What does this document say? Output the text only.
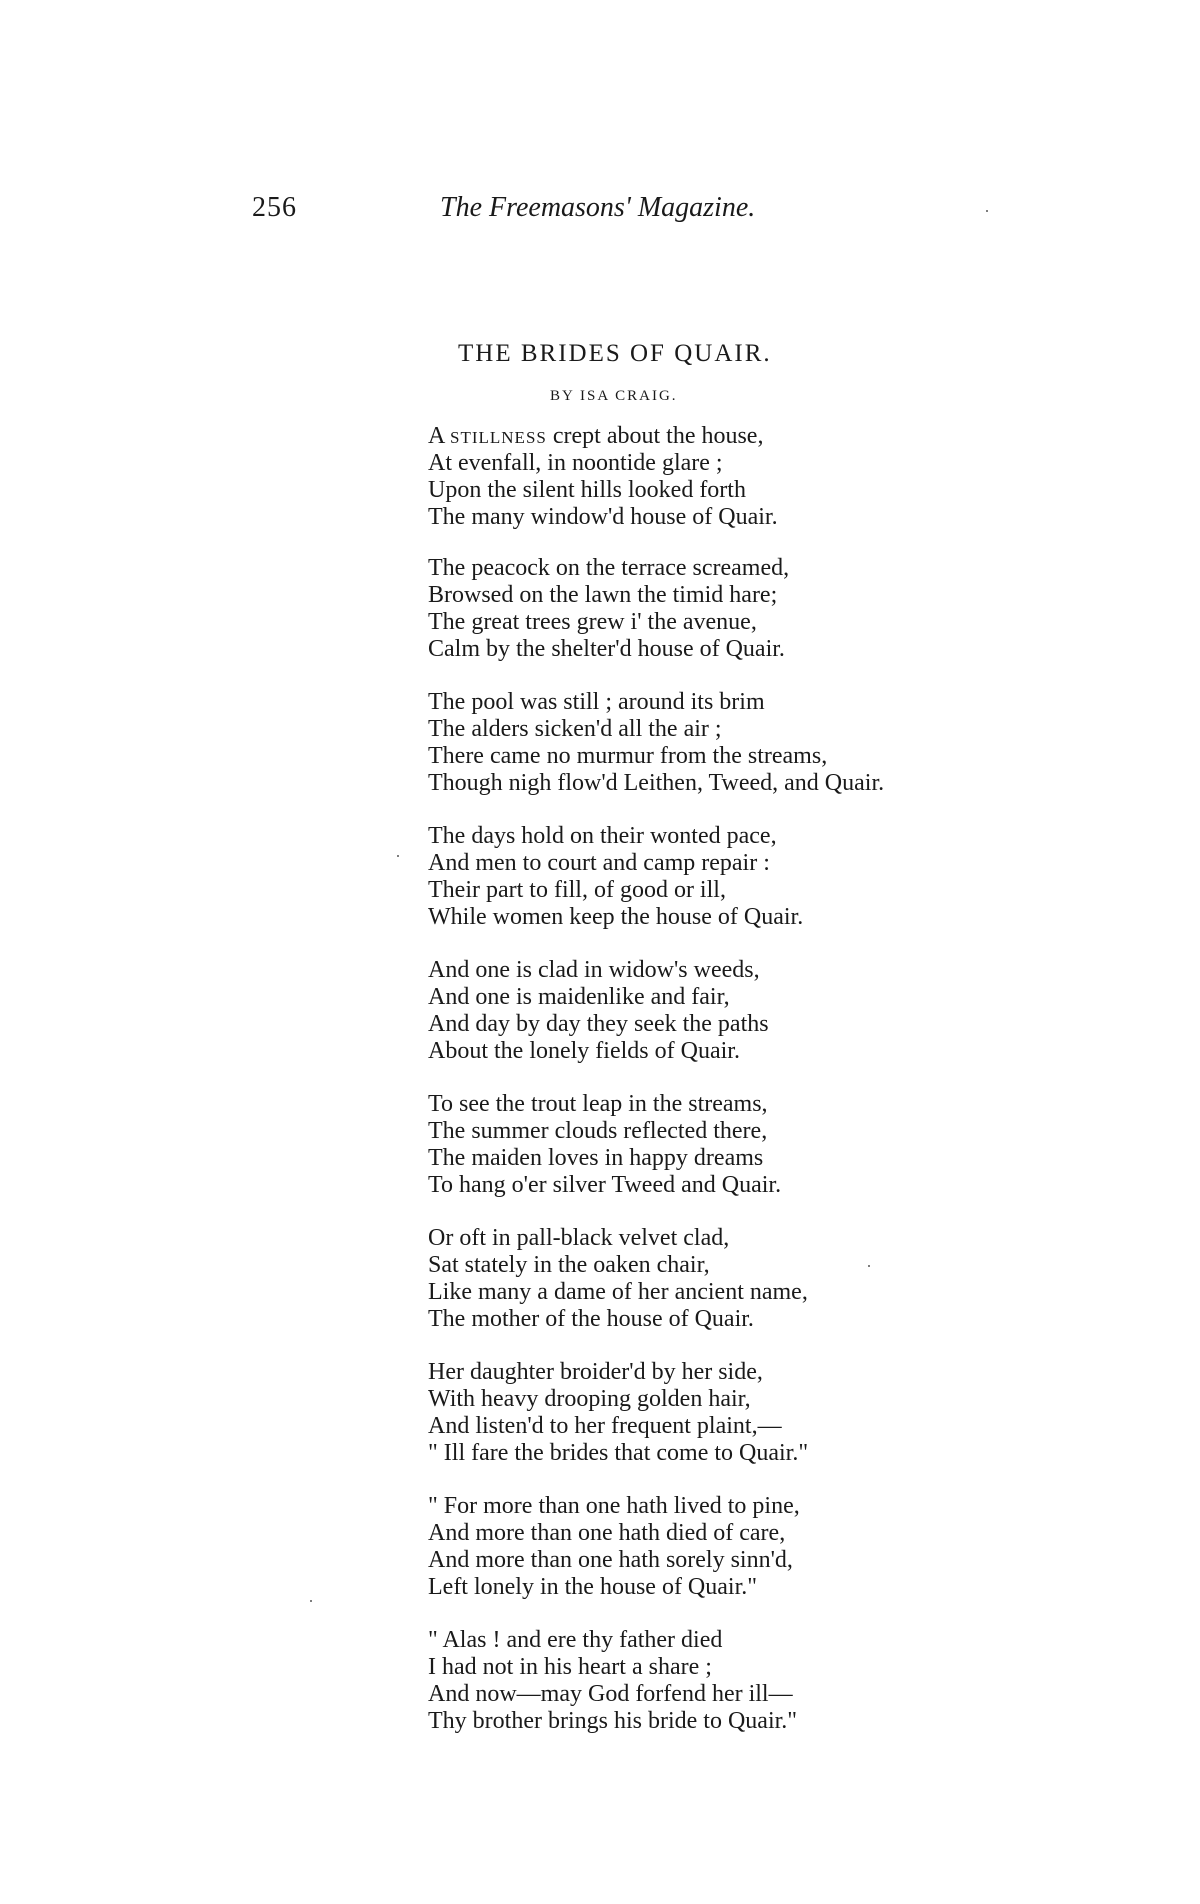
256	The Freemasons' Magazine.
THE BRIDES OF QUAIR.
BY ISA CRAIG.
A stillness crept about the house,
At evenfall, in noontide glare ;
Upon the silent hills looked forth
The many window'd house of Quair.
The peacock on the terrace screamed,
Browsed on the lawn the timid hare;
The great trees grew i' the avenue,
Calm by the shelter'd house of Quair.
The pool was still ; around its brim
The alders sicken'd all the air ;
There came no murmur from the streams,
Though nigh flow'd Leithen, Tweed, and Quair.
The days hold on their wonted pace,
And men to court and camp repair :
Their part to fill, of good or ill,
While women keep the house of Quair.
And one is clad in widow's weeds,
And one is maidenlike and fair,
And day by day they seek the paths
About the lonely fields of Quair.
To see the trout leap in the streams,
The summer clouds reflected there,
The maiden loves in happy dreams
To hang o'er silver Tweed and Quair.
Or oft in pall-black velvet clad,
Sat stately in the oaken chair,
Like many a dame of her ancient name,
The mother of the house of Quair.
Her daughter broider'd by her side,
With heavy drooping golden hair,
And listen'd to her frequent plaint,—
" Ill fare the brides that come to Quair."
" For more than one hath lived to pine,
And more than one hath died of care,
And more than one hath sorely sinn'd,
Left lonely in the house of Quair."
" Alas ! and ere thy father died
I had not in his heart a share ;
And now—may God forfend her ill—
Thy brother brings his bride to Quair."
